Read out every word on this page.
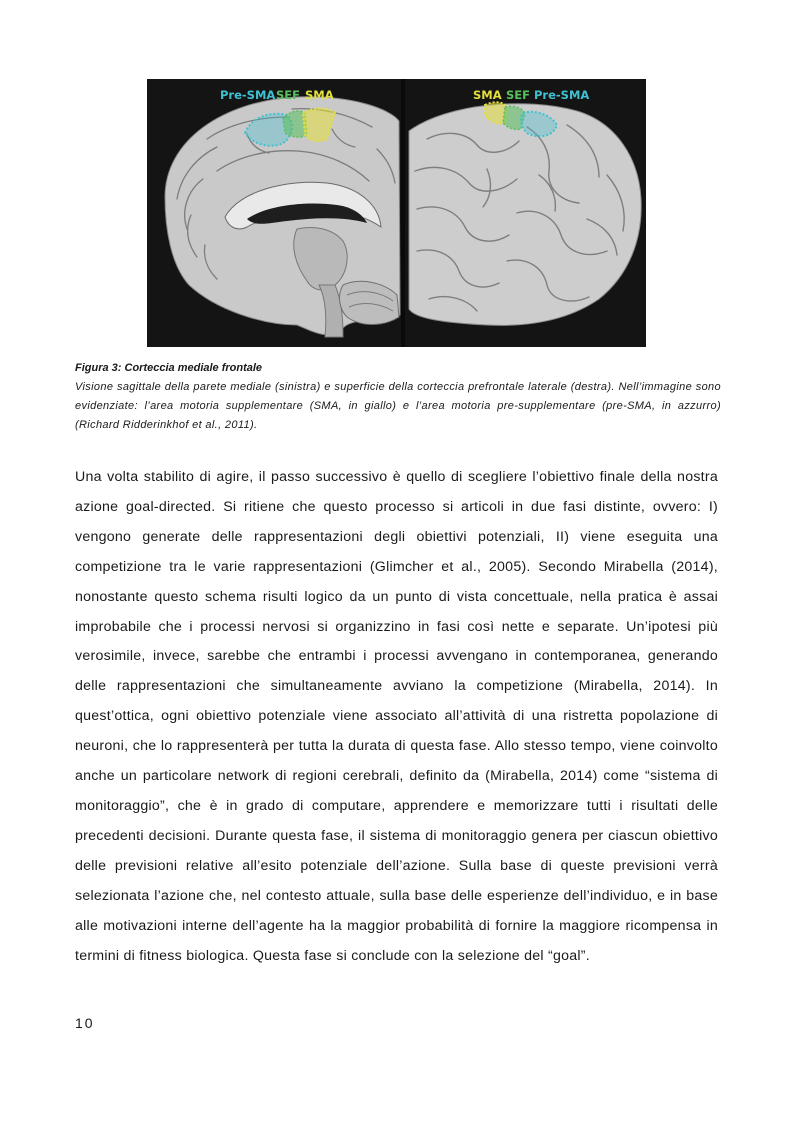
Pre-SMA SEF SMA	SMA SEF Pre-SMA
Figura 3: Corteccia mediale frontale
Visione sagittale della parete mediale (sinistra) e superficie della corteccia prefrontale laterale (destra). Nell’immagine sono evidenziate: l’area motoria supplementare (SMA, in giallo) e l’area motoria pre-supplementare (pre-SMA, in azzurro) (Richard Ridderinkhof et al., 2011).

Una volta stabilito di agire, il passo successivo è quello di scegliere l’obiettivo finale della nostra azione goal-directed. Si ritiene che questo processo si articoli in due fasi distinte, ovvero: I) vengono generate delle rappresentazioni degli obiettivi potenziali, II) viene eseguita una competizione tra le varie rappresentazioni (Glimcher et al., 2005). Secondo Mirabella (2014), nonostante questo schema risulti logico da un punto di vista concettuale, nella pratica è assai improbabile che i processi nervosi si organizzino in fasi così nette e separate. Un’ipotesi più verosimile, invece, sarebbe che entrambi i processi avvengano in contemporanea, generando delle rappresentazioni che simultaneamente avviano la competizione (Mirabella, 2014). In quest’ottica, ogni obiettivo potenziale viene associato all’attività di una ristretta popolazione di neuroni, che lo rappresenterà per tutta la durata di questa fase. Allo stesso tempo, viene coinvolto anche un particolare network di regioni cerebrali, definito da (Mirabella, 2014) come “sistema di monitoraggio”, che è in grado di computare, apprendere e memorizzare tutti i risultati delle precedenti decisioni. Durante questa fase, il sistema di monitoraggio genera per ciascun obiettivo delle previsioni relative all’esito potenziale dell’azione. Sulla base di queste previsioni verrà selezionata l’azione che, nel contesto attuale, sulla base delle esperienze dell’individuo, e in base alle motivazioni interne dell’agente ha la maggior probabilità di fornire la maggiore ricompensa in termini di fitness biologica. Questa fase si conclude con la selezione del “goal”.

10
